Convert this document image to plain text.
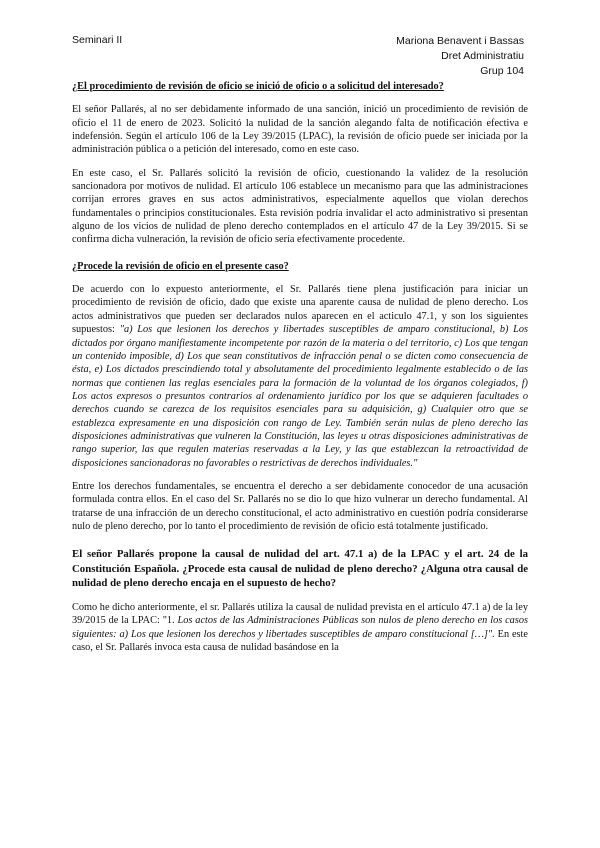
Seminari II	Mariona Benavent i Bassas
Dret Administratiu
Grup 104

¿El procedimiento de revisión de oficio se inició de oficio o a solicitud del interesado?

El señor Pallarés, al no ser debidamente informado de una sanción, inició un procedimiento de revisión de oficio el 11 de enero de 2023. Solicitó la nulidad de la sanción alegando falta de notificación efectiva e indefensión. Según el artículo 106 de la Ley 39/2015 (LPAC), la revisión de oficio puede ser iniciada por la administración pública o a petición del interesado, como en este caso.

En este caso, el Sr. Pallarés solicitó la revisión de oficio, cuestionando la validez de la resolución sancionadora por motivos de nulidad. El artículo 106 establece un mecanismo para que las administraciones corrijan errores graves en sus actos administrativos, especialmente aquellos que violan derechos fundamentales o principios constitucionales. Esta revisión podría invalidar el acto administrativo si presentan alguno de los vicios de nulidad de pleno derecho contemplados en el artículo 47 de la Ley 39/2015. Si se confirma dicha vulneración, la revisión de oficio sería efectivamente procedente.

¿Procede la revisión de oficio en el presente caso?

De acuerdo con lo expuesto anteriormente, el Sr. Pallarés tiene plena justificación para iniciar un procedimiento de revisión de oficio, dado que existe una aparente causa de nulidad de pleno derecho. Los actos administrativos que pueden ser declarados nulos aparecen en el acticulo 47.1, y son los siguientes supuestos: "a) Los que lesionen los derechos y libertades susceptibles de amparo constitucional, b) Los dictados por órgano manifiestamente incompetente por razón de la materia o del territorio, c) Los que tengan un contenido imposible, d) Los que sean constitutivos de infracción penal o se dicten como consecuencia de ésta, e) Los dictados prescindiendo total y absolutamente del procedimiento legalmente establecido o de las normas que contienen las reglas esenciales para la formación de la voluntad de los órganos colegiados, f) Los actos expresos o presuntos contrarios al ordenamiento jurídico por los que se adquieren facultades o derechos cuando se carezca de los requisitos esenciales para su adquisición, g) Cualquier otro que se establezca expresamente en una disposición con rango de Ley. También serán nulas de pleno derecho las disposiciones administrativas que vulneren la Constitución, las leyes u otras disposiciones administrativas de rango superior, las que regulen materias reservadas a la Ley, y las que establezcan la retroactividad de disposiciones sancionadoras no favorables o restrictivas de derechos individuales."

Entre los derechos fundamentales, se encuentra el derecho a ser debidamente conocedor de una acusación formulada contra ellos. En el caso del Sr. Pallarés no se dio lo que hizo vulnerar un derecho fundamental. Al tratarse de una infracción de un derecho constitucional, el acto administrativo en cuestión podría considerarse nulo de pleno derecho, por lo tanto el procedimiento de revisión de oficio está totalmente justificado.

El señor Pallarés propone la causal de nulidad del art. 47.1 a) de la LPAC y el art. 24 de la Constitución Española. ¿Procede esta causal de nulidad de pleno derecho? ¿Alguna otra causal de nulidad de pleno derecho encaja en el supuesto de hecho?

Como he dicho anteriormente, el sr. Pallarés utiliza la causal de nulidad prevista en el artículo 47.1 a) de la ley 39/2015 de la LPAC: "1. Los actos de las Administraciones Públicas son nulos de pleno derecho en los casos siguientes: a) Los que lesionen los derechos y libertades susceptibles de amparo constitucional […]". En este caso, el Sr. Pallarés invoca esta causa de nulidad basándose en la
